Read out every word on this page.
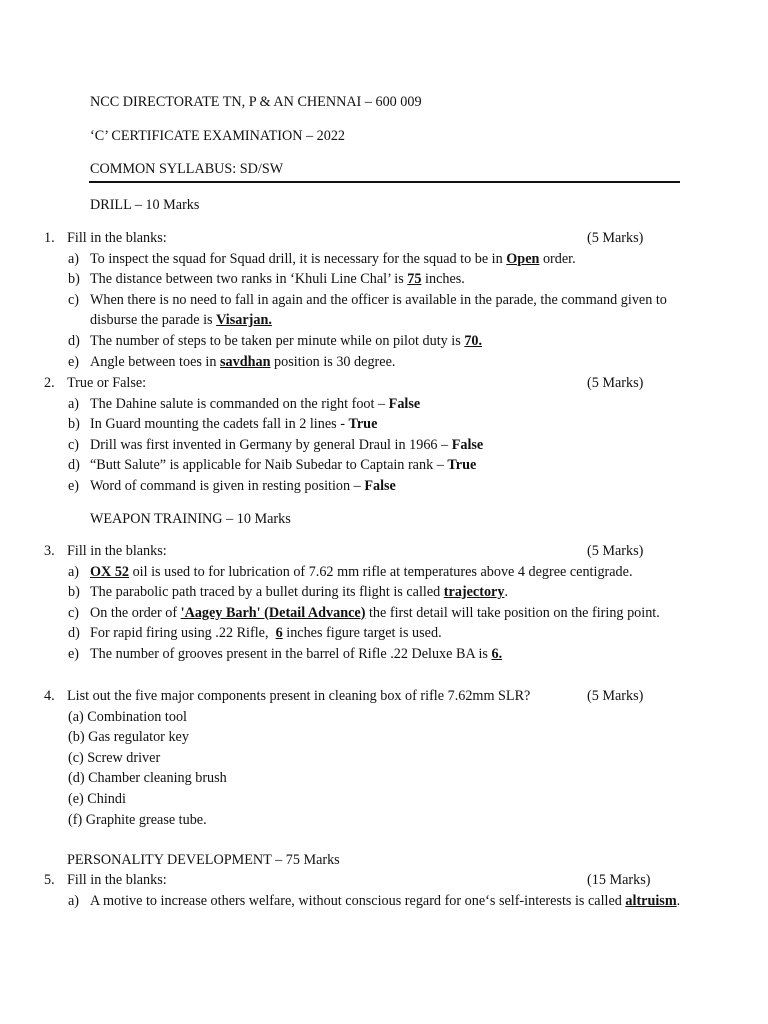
NCC DIRECTORATE TN, P & AN CHENNAI – 600 009
‘C’ CERTIFICATE EXAMINATION – 2022
COMMON SYLLABUS: SD/SW
DRILL – 10 Marks
1. Fill in the blanks:	(5 Marks)
a) To inspect the squad for Squad drill, it is necessary for the squad to be in Open order.
b) The distance between two ranks in ‘Khuli Line Chal’ is 75 inches.
c) When there is no need to fall in again and the officer is available in the parade, the command given to disburse the parade is Visarjan.
d) The number of steps to be taken per minute while on pilot duty is 70.
e) Angle between toes in savdhan position is 30 degree.
2. True or False:	(5 Marks)
a) The Dahine salute is commanded on the right foot – False
b) In Guard mounting the cadets fall in 2 lines - True
c) Drill was first invented in Germany by general Draul in 1966 – False
d) “Butt Salute” is applicable for Naib Subedar to Captain rank – True
e) Word of command is given in resting position – False
WEAPON TRAINING – 10 Marks
3. Fill in the blanks:	(5 Marks)
a) OX 52 oil is used to for lubrication of 7.62 mm rifle at temperatures above 4 degree centigrade.
b) The parabolic path traced by a bullet during its flight is called trajectory.
c) On the order of 'Aagey Barh' (Detail Advance) the first detail will take position on the firing point.
d) For rapid firing using .22 Rifle,  6 inches figure target is used.
e) The number of grooves present in the barrel of Rifle .22 Deluxe BA is 6.
4. List out the five major components present in cleaning box of rifle 7.62mm SLR?	(5 Marks)
(a) Combination tool
(b) Gas regulator key
(c) Screw driver
(d) Chamber cleaning brush
(e) Chindi
(f) Graphite grease tube.
PERSONALITY DEVELOPMENT – 75 Marks
5. Fill in the blanks:	(15 Marks)
a) A motive to increase others welfare, without conscious regard for one‘s self-interests is called altruism.
